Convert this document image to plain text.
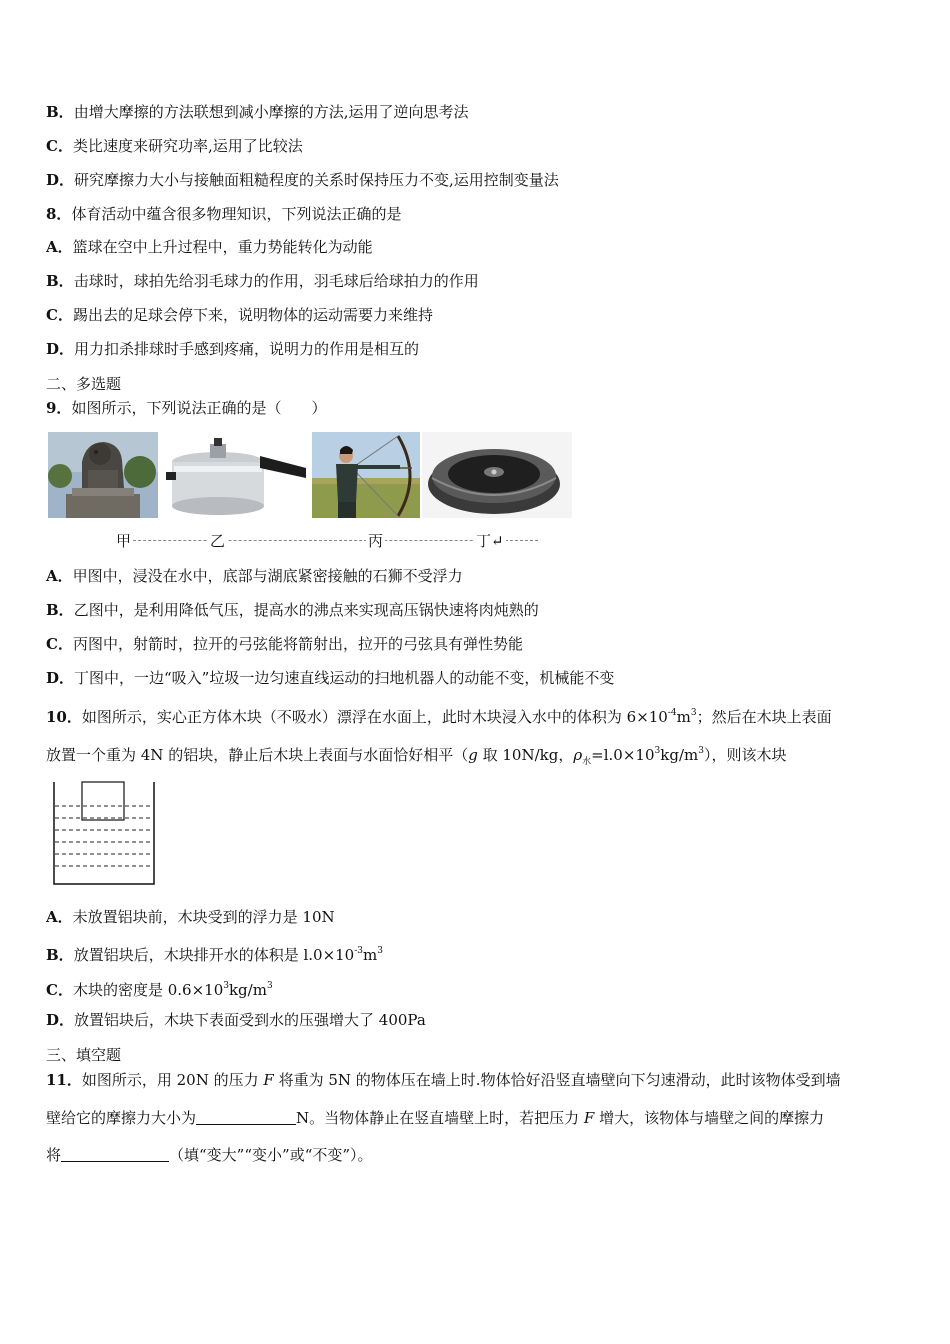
B．由增大摩擦的方法联想到减小摩擦的方法,运用了逆向思考法
C．类比速度来研究功率,运用了比较法
D．研究摩擦力大小与接触面粗糙程度的关系时保持压力不变,运用控制变量法
8．体育活动中蕴含很多物理知识，下列说法正确的是
A．篮球在空中上升过程中，重力势能转化为动能
B．击球时，球拍先给羽毛球力的作用，羽毛球后给球拍力的作用
C．踢出去的足球会停下来，说明物体的运动需要力来维持
D．用力扣杀排球时手感到疼痛，说明力的作用是相互的
二、多选题
9．如图所示，下列说法正确的是（　　）
甲	乙	丙	丁↵
A．甲图中，浸没在水中，底部与湖底紧密接触的石狮不受浮力
B．乙图中，是利用降低气压，提高水的沸点来实现高压锅快速将肉炖熟的
C．丙图中，射箭时，拉开的弓弦能将箭射出，拉开的弓弦具有弹性势能
D．丁图中，一边“吸入”垃圾一边匀速直线运动的扫地机器人的动能不变，机械能不变
10．如图所示，实心正方体木块（不吸水）漂浮在水面上，此时木块浸入水中的体积为 $6\times 10^{-4}m^3$；然后在木块上表面
放置一个重为 4N 的铝块，静止后木块上表面与水面恰好相平（g 取 10N/kg，$\rho_水=l.0\times 10^3kg/m^3$），则该木块
A．未放置铝块前，木块受到的浮力是 10N
B．放置铝块后，木块排开水的体积是 $l.0\times 10^{-3}m^3$
C．木块的密度是 $0.6\times 10^3kg/m^3$
D．放置铝块后，木块下表面受到水的压强增大了 400Pa
三、填空题
11．如图所示，用 20N 的压力 F 将重为 5N 的物体压在墙上时.物体恰好沿竖直墙壁向下匀速滑动，此时该物体受到墙
壁给它的摩擦力大小为	N。当物体静止在竖直墙壁上时，若把压力 F 增大，该物体与墙壁之间的摩擦力
将	（填“变大”“变小”或“不变”）。
